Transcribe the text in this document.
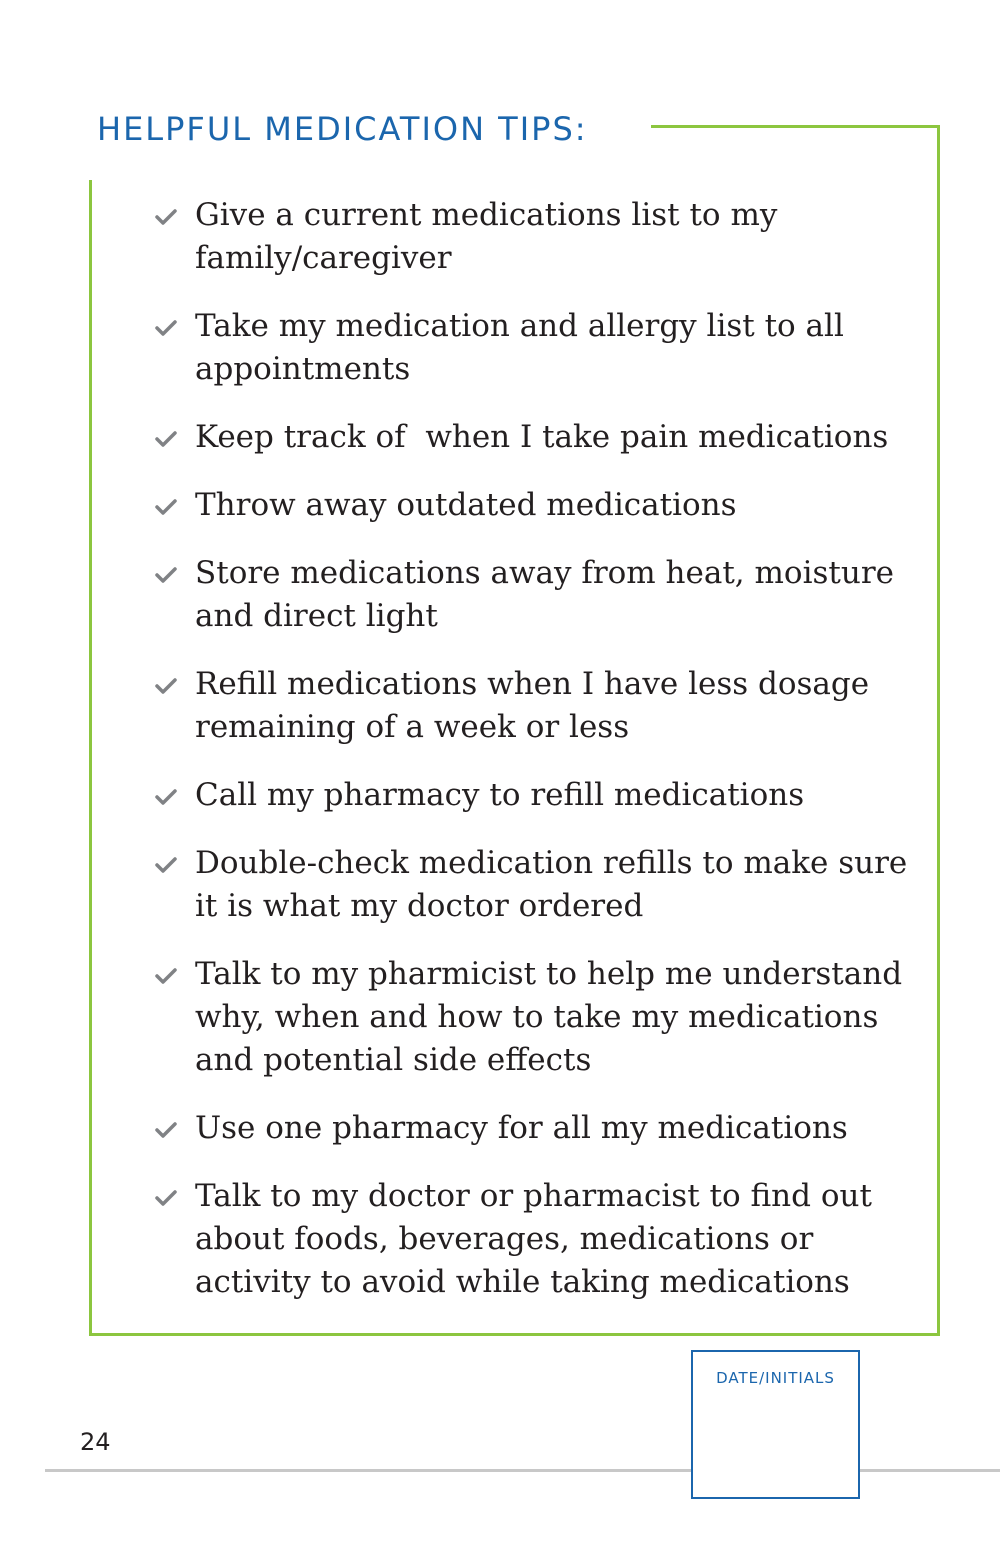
HELPFUL MEDICATION TIPS:
Give a current medications list to my family/caregiver
Take my medication and allergy list to all appointments
Keep track of  when I take pain medications
Throw away outdated medications
Store medications away from heat, moisture and direct light
Refill medications when I have less dosage remaining of a week or less
Call my pharmacy to refill medications
Double-check medication refills to make sure it is what my doctor ordered
Talk to my pharmicist to help me understand why, when and how to take my medications and potential side effects
Use one pharmacy for all my medications
Talk to my doctor or pharmacist to find out about foods, beverages, medications or activity to avoid while taking medications
24
DATE/INITIALS
